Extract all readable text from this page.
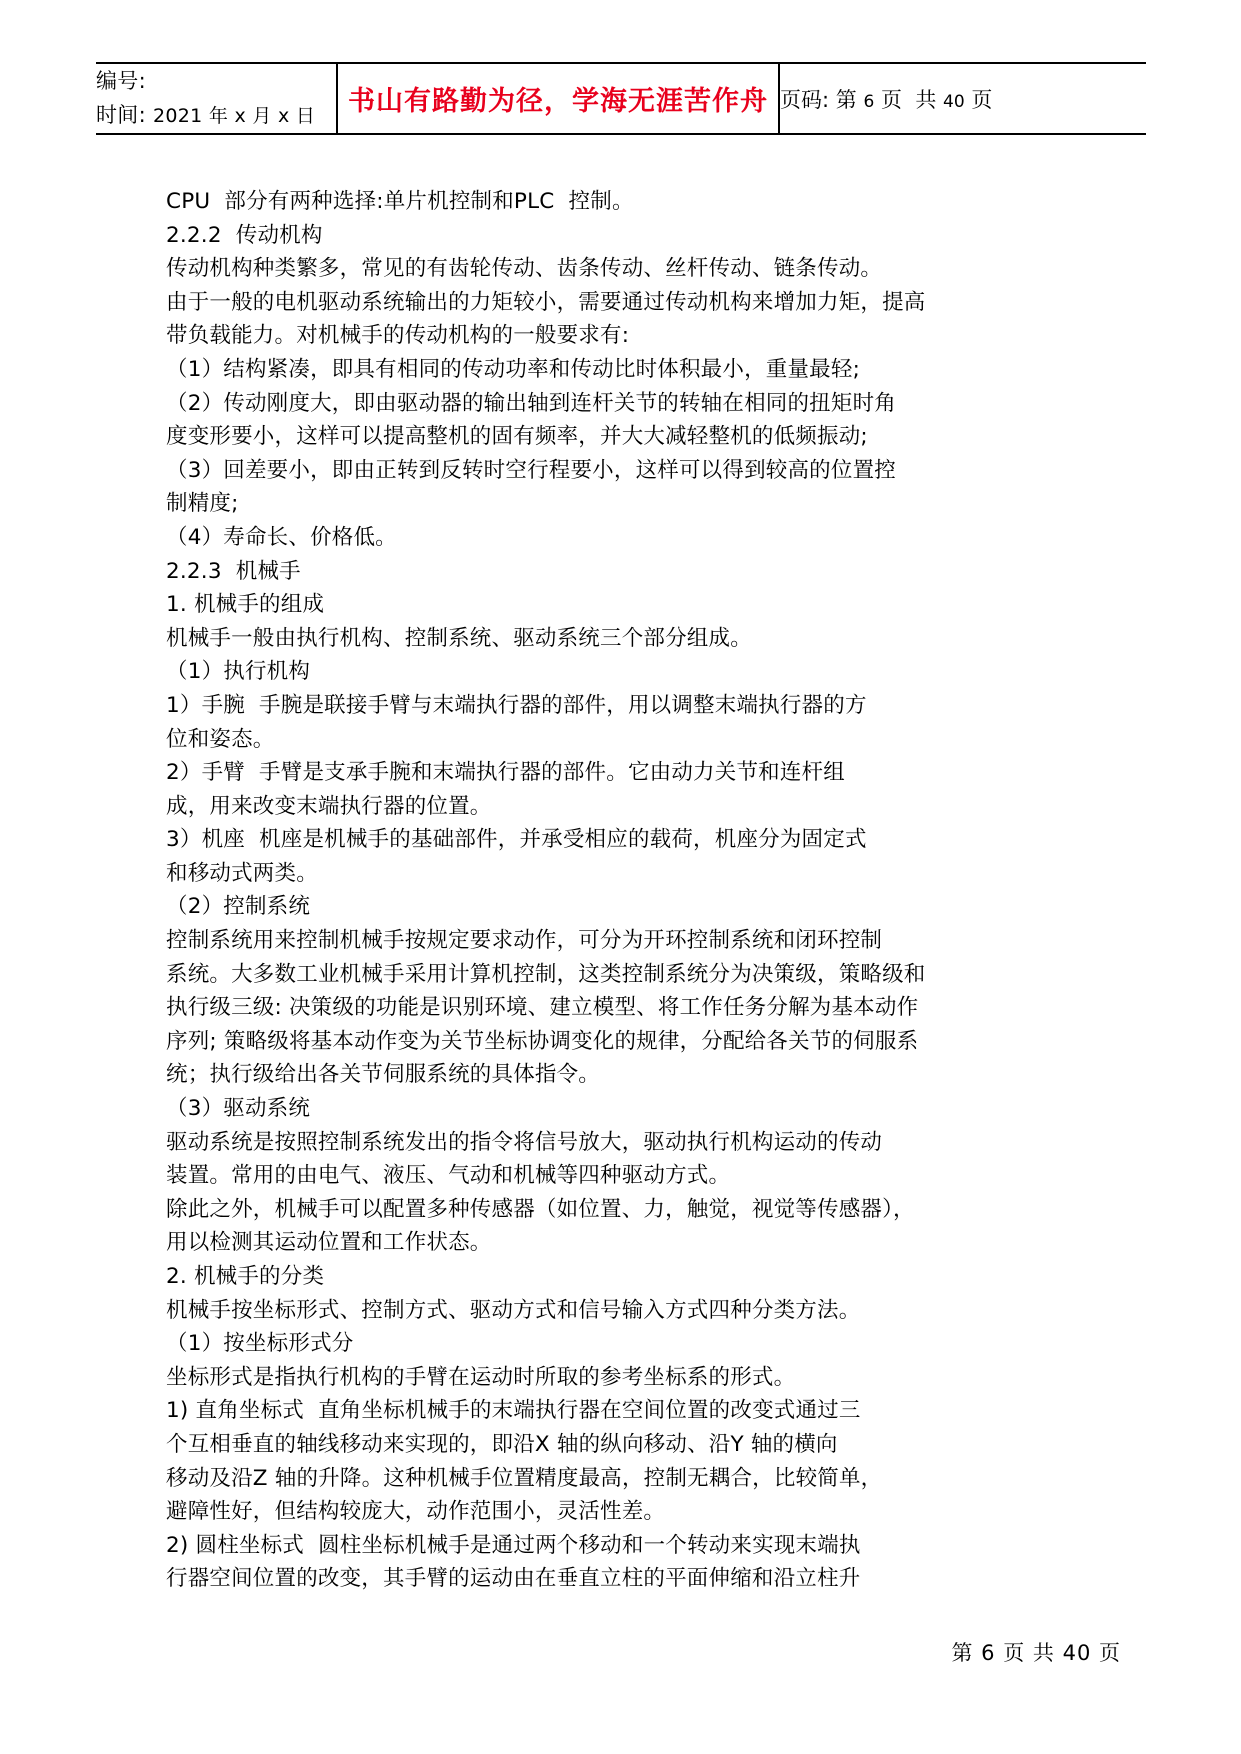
编号:
时间: 2021 年 x 月 x 日	书山有路勤为径，学海无涯苦作舟	页码: 第 6 页 共 40 页
CPU  部分有两种选择:单片机控制和PLC  控制。
2.2.2  传动机构
传动机构种类繁多，常见的有齿轮传动、齿条传动、丝杆传动、链条传动。
由于一般的电机驱动系统输出的力矩较小，需要通过传动机构来增加力矩，提高
带负载能力。对机械手的传动机构的一般要求有:
（1）结构紧凑，即具有相同的传动功率和传动比时体积最小，重量最轻;
（2）传动刚度大，即由驱动器的输出轴到连杆关节的转轴在相同的扭矩时角
度变形要小，这样可以提高整机的固有频率，并大大减轻整机的低频振动;
（3）回差要小，即由正转到反转时空行程要小，这样可以得到较高的位置控
制精度;
（4）寿命长、价格低。
2.2.3  机械手
1. 机械手的组成
机械手一般由执行机构、控制系统、驱动系统三个部分组成。
（1）执行机构
1）手腕  手腕是联接手臂与末端执行器的部件，用以调整末端执行器的方
位和姿态。
2）手臂  手臂是支承手腕和末端执行器的部件。它由动力关节和连杆组
成，用来改变末端执行器的位置。
3）机座  机座是机械手的基础部件，并承受相应的载荷，机座分为固定式
和移动式两类。
（2）控制系统
控制系统用来控制机械手按规定要求动作，可分为开环控制系统和闭环控制
系统。大多数工业机械手采用计算机控制，这类控制系统分为决策级，策略级和
执行级三级: 决策级的功能是识别环境、建立模型、将工作任务分解为基本动作
序列; 策略级将基本动作变为关节坐标协调变化的规律，分配给各关节的伺服系
统；执行级给出各关节伺服系统的具体指令。
（3）驱动系统
驱动系统是按照控制系统发出的指令将信号放大，驱动执行机构运动的传动
装置。常用的由电气、液压、气动和机械等四种驱动方式。
除此之外，机械手可以配置多种传感器（如位置、力，触觉，视觉等传感器），
用以检测其运动位置和工作状态。
2. 机械手的分类
机械手按坐标形式、控制方式、驱动方式和信号输入方式四种分类方法。
（1）按坐标形式分
坐标形式是指执行机构的手臂在运动时所取的参考坐标系的形式。
1) 直角坐标式  直角坐标机械手的末端执行器在空间位置的改变式通过三
个互相垂直的轴线移动来实现的，即沿X 轴的纵向移动、沿Y 轴的横向
移动及沿Z 轴的升降。这种机械手位置精度最高，控制无耦合，比较简单，
避障性好，但结构较庞大，动作范围小，灵活性差。
2) 圆柱坐标式  圆柱坐标机械手是通过两个移动和一个转动来实现末端执
行器空间位置的改变，其手臂的运动由在垂直立柱的平面伸缩和沿立柱升
第 6 页 共 40 页
